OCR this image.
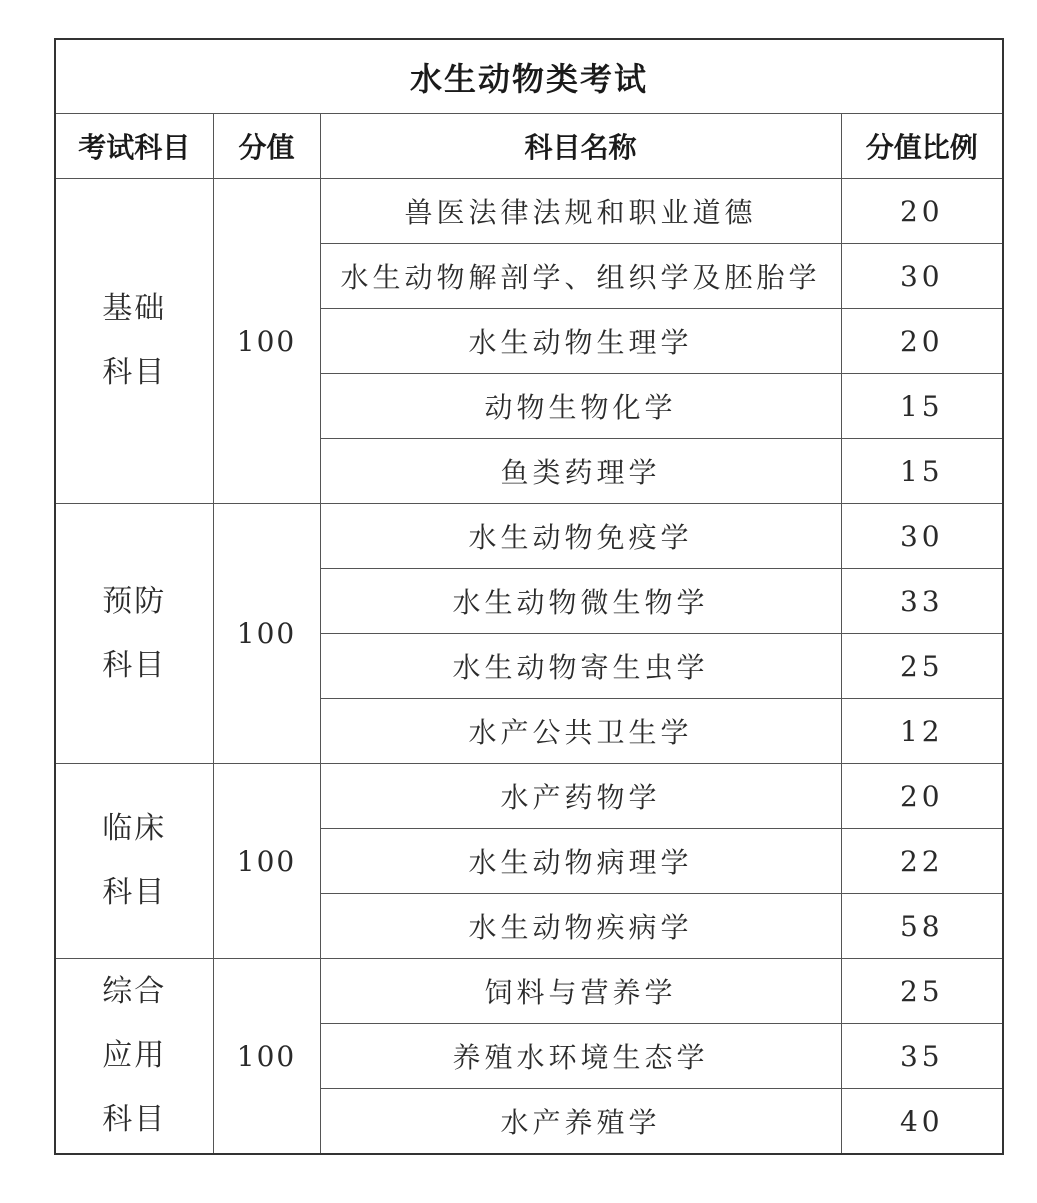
水生动物类考试			
考试科目	分值	科目名称	分值比例

基础
科目	100	兽医法律法规和职业道德	20
		水生动物解剖学、组织学及胚胎学	30
		水生动物生理学	20
		动物生物化学	15
		鱼类药理学	15

预防
科目	100	水生动物免疫学	30
		水生动物微生物学	33
		水生动物寄生虫学	25
		水产公共卫生学	12

临床
科目	100	水产药物学	20
		水生动物病理学	22
		水生动物疾病学	58

综合
应用
科目	100	饲料与营养学	25
		养殖水环境生态学	35
		水产养殖学	40
